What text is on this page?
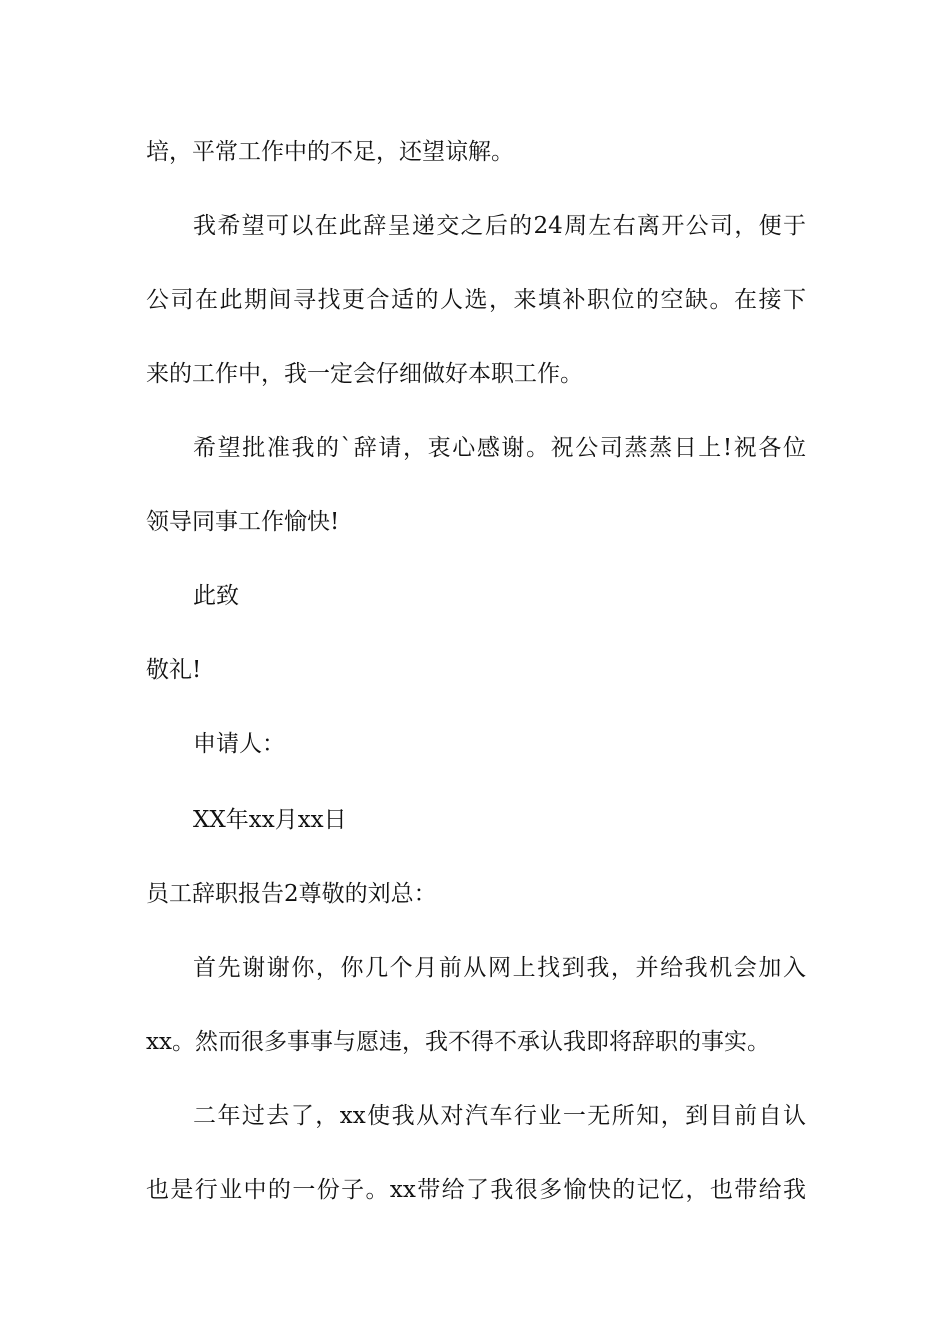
培，平常工作中的不足，还望谅解。

我希望可以在此辞呈递交之后的24周左右离开公司，便于

公司在此期间寻找更合适的人选，来填补职位的空缺。在接下

来的工作中，我一定会仔细做好本职工作。

希望批准我的`辞请，衷心感谢。祝公司蒸蒸日上!祝各位

领导同事工作愉快!

此致

敬礼!

申请人：

XX年xx月xx日

员工辞职报告2尊敬的刘总：

首先谢谢你，你几个月前从网上找到我，并给我机会加入

xx。然而很多事事与愿违，我不得不承认我即将辞职的事实。

二年过去了，xx使我从对汽车行业一无所知，到目前自认

也是行业中的一份子。xx带给了我很多愉快的记忆，也带给我
